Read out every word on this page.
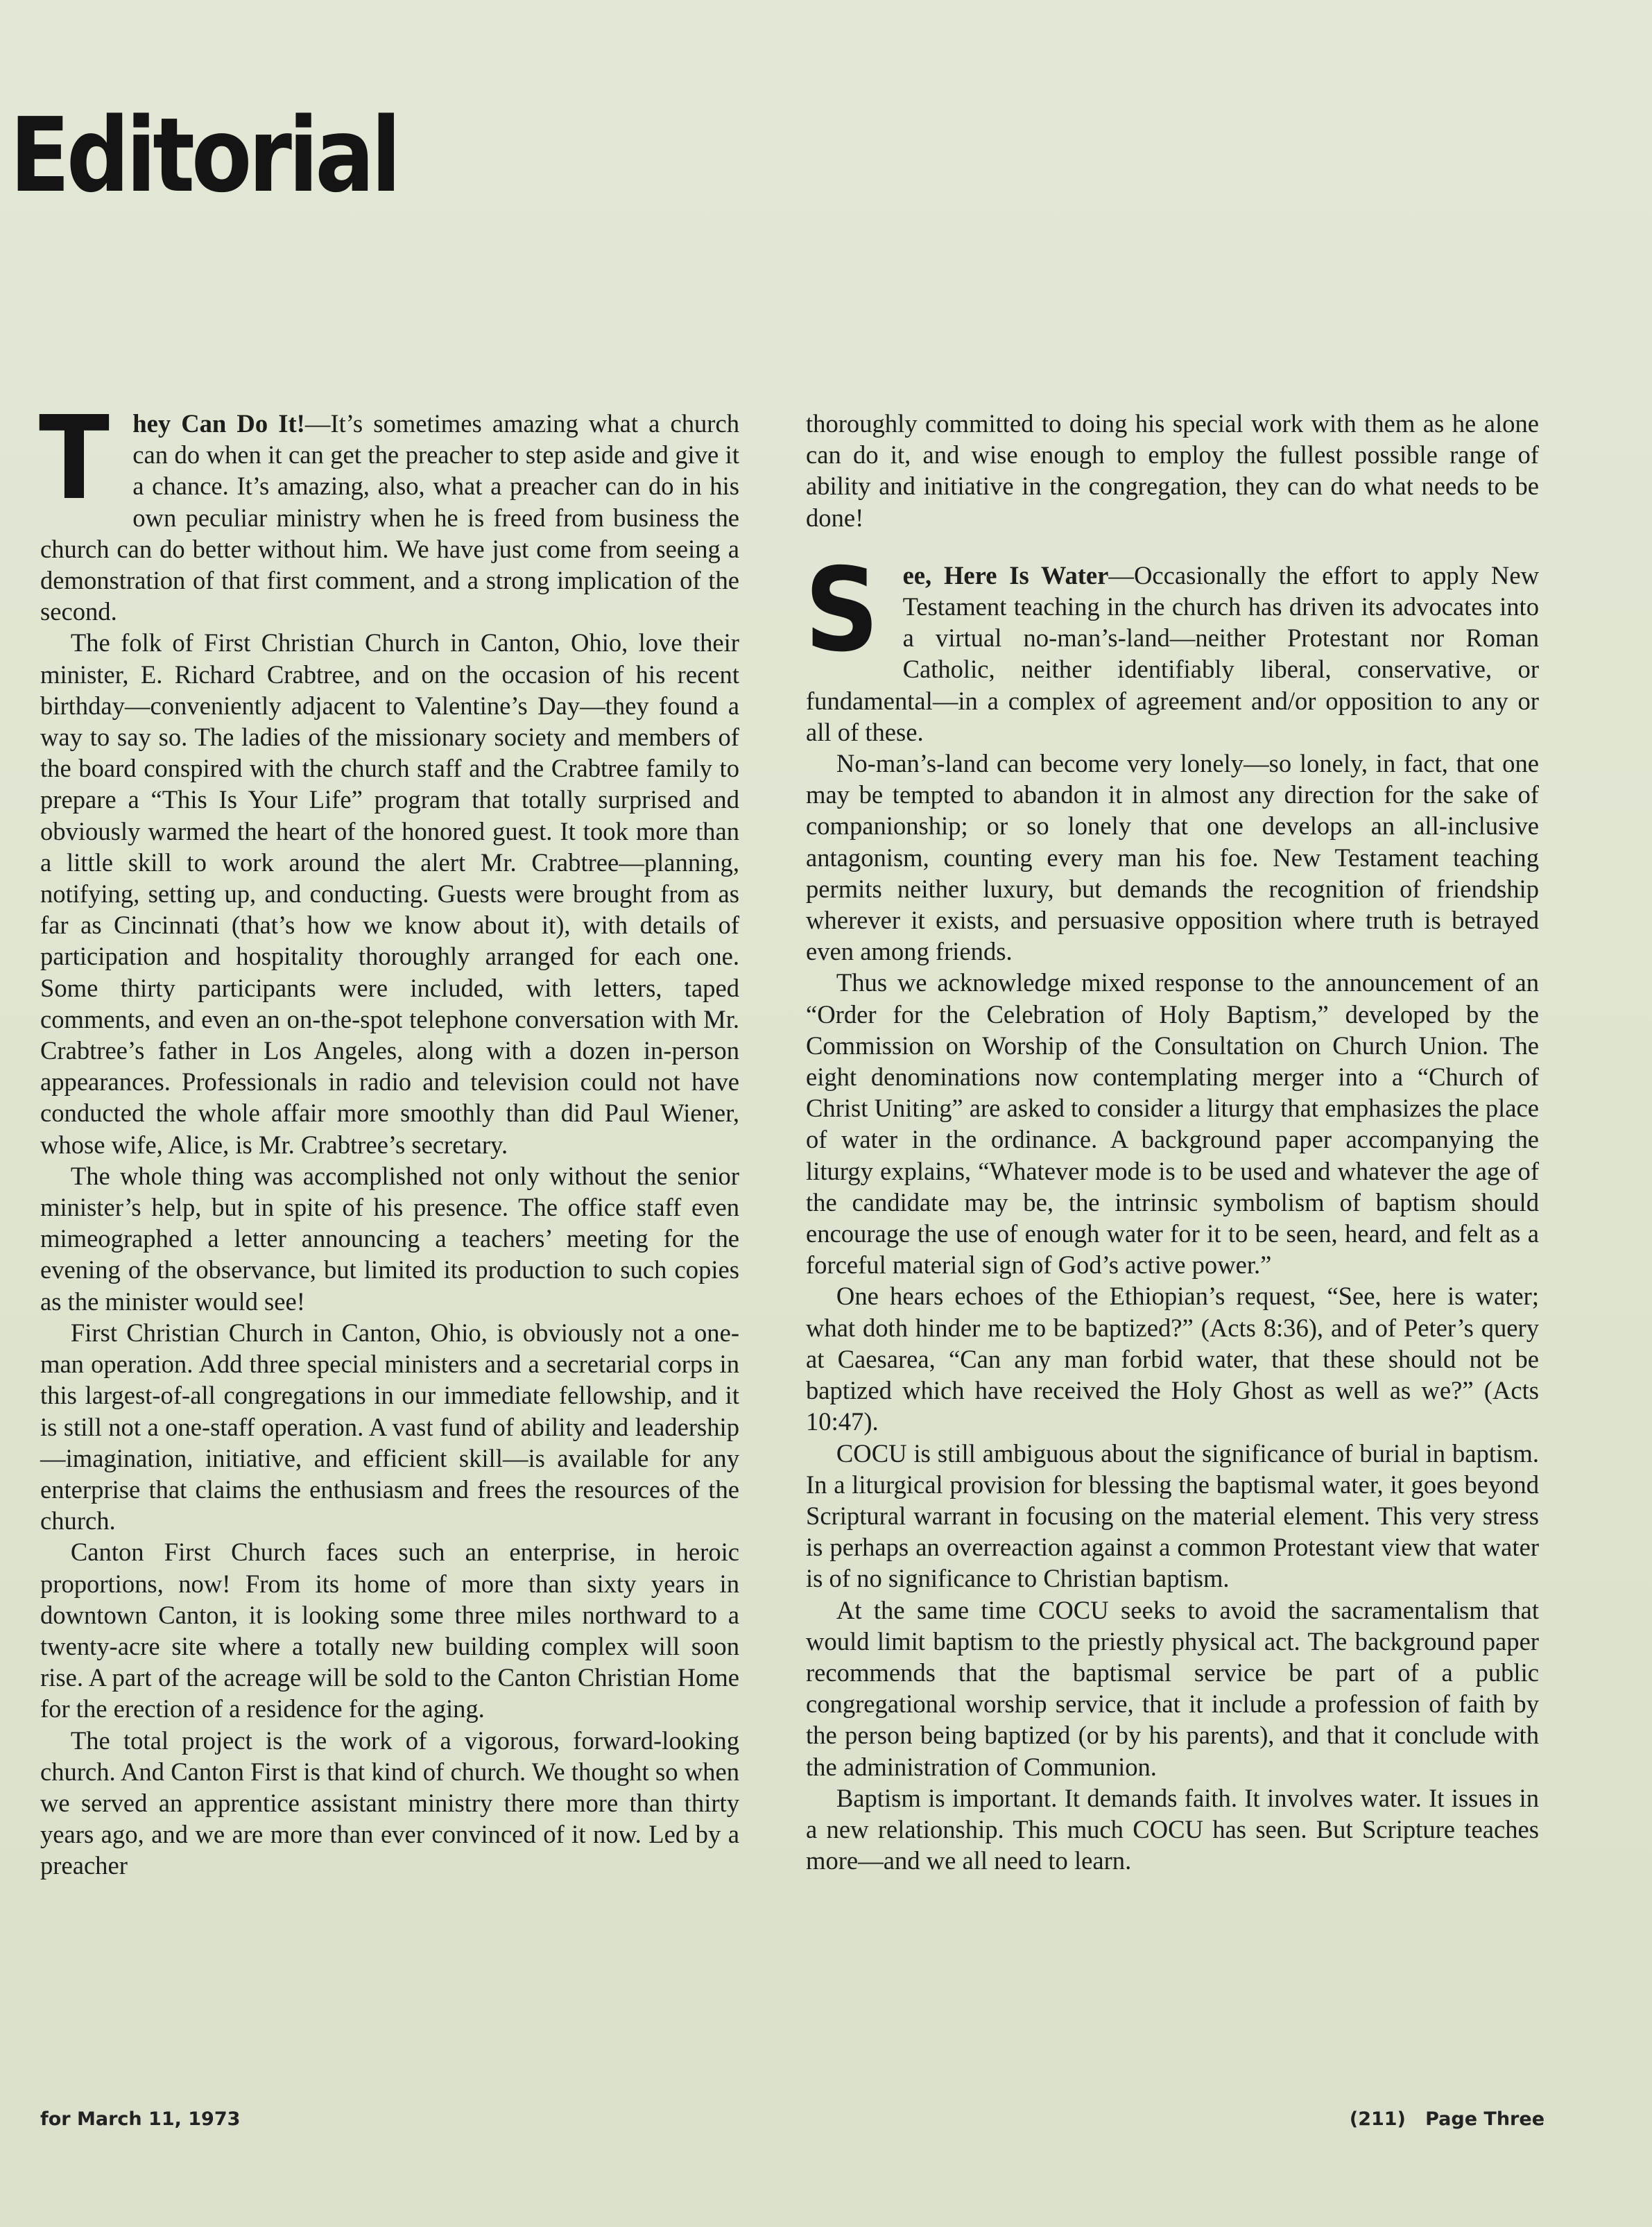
Editorial

They Can Do It!—It’s sometimes amazing what a church can do when it can get the preacher to step aside and give it a chance. It’s amazing, also, what a preacher can do in his own peculiar ministry when he is freed from business the church can do better without him. We have just come from seeing a demonstration of that first comment, and a strong implication of the second.

The folk of First Christian Church in Canton, Ohio, love their minister, E. Richard Crabtree, and on the occasion of his recent birthday—conveniently adjacent to Valentine’s Day—they found a way to say so. The ladies of the missionary society and members of the board conspired with the church staff and the Crabtree family to prepare a “This Is Your Life” program that totally surprised and obviously warmed the heart of the honored guest. It took more than a little skill to work around the alert Mr. Crabtree—planning, notifying, setting up, and conducting. Guests were brought from as far as Cincinnati (that’s how we know about it), with details of participation and hospitality thoroughly arranged for each one. Some thirty participants were included, with letters, taped comments, and even an on-the-spot telephone conversation with Mr. Crabtree’s father in Los Angeles, along with a dozen in-person appearances. Professionals in radio and television could not have conducted the whole affair more smoothly than did Paul Wiener, whose wife, Alice, is Mr. Crabtree’s secretary.

The whole thing was accomplished not only without the senior minister’s help, but in spite of his presence. The office staff even mimeographed a letter announcing a teachers’ meeting for the evening of the observance, but limited its production to such copies as the minister would see!

First Christian Church in Canton, Ohio, is obviously not a one-man operation. Add three special ministers and a secretarial corps in this largest-of-all congregations in our immediate fellowship, and it is still not a one-staff operation. A vast fund of ability and leadership—imagination, initiative, and efficient skill—is available for any enterprise that claims the enthusiasm and frees the resources of the church.

Canton First Church faces such an enterprise, in heroic proportions, now! From its home of more than sixty years in downtown Canton, it is looking some three miles northward to a twenty-acre site where a totally new building complex will soon rise. A part of the acreage will be sold to the Canton Christian Home for the erection of a residence for the aging.

The total project is the work of a vigorous, forward-looking church. And Canton First is that kind of church. We thought so when we served an apprentice assistant ministry there more than thirty years ago, and we are more than ever convinced of it now. Led by a preacher

thoroughly committed to doing his special work with them as he alone can do it, and wise enough to employ the fullest possible range of ability and initiative in the congregation, they can do what needs to be done!

See, Here Is Water—Occasionally the effort to apply New Testament teaching in the church has driven its advocates into a virtual no-man’s-land—neither Protestant nor Roman Catholic, neither identifiably liberal, conservative, or fundamental—in a complex of agreement and/or opposition to any or all of these.

No-man’s-land can become very lonely—so lonely, in fact, that one may be tempted to abandon it in almost any direction for the sake of companionship; or so lonely that one develops an all-inclusive antagonism, counting every man his foe. New Testament teaching permits neither luxury, but demands the recognition of friendship wherever it exists, and persuasive opposition where truth is betrayed even among friends.

Thus we acknowledge mixed response to the announcement of an “Order for the Celebration of Holy Baptism,” developed by the Commission on Worship of the Consultation on Church Union. The eight denominations now contemplating merger into a “Church of Christ Uniting” are asked to consider a liturgy that emphasizes the place of water in the ordinance. A background paper accompanying the liturgy explains, “Whatever mode is to be used and whatever the age of the candidate may be, the intrinsic symbolism of baptism should encourage the use of enough water for it to be seen, heard, and felt as a forceful material sign of God’s active power.”

One hears echoes of the Ethiopian’s request, “See, here is water; what doth hinder me to be baptized?” (Acts 8:36), and of Peter’s query at Caesarea, “Can any man forbid water, that these should not be baptized which have received the Holy Ghost as well as we?” (Acts 10:47).

COCU is still ambiguous about the significance of burial in baptism. In a liturgical provision for blessing the baptismal water, it goes beyond Scriptural warrant in focusing on the material element. This very stress is perhaps an overreaction against a common Protestant view that water is of no significance to Christian baptism.

At the same time COCU seeks to avoid the sacramentalism that would limit baptism to the priestly physical act. The background paper recommends that the baptismal service be part of a public congregational worship service, that it include a profession of faith by the person being baptized (or by his parents), and that it conclude with the administration of Communion.

Baptism is important. It demands faith. It involves water. It issues in a new relationship. This much COCU has seen. But Scripture teaches more—and we all need to learn.

for March 11, 1973	(211)   Page Three
